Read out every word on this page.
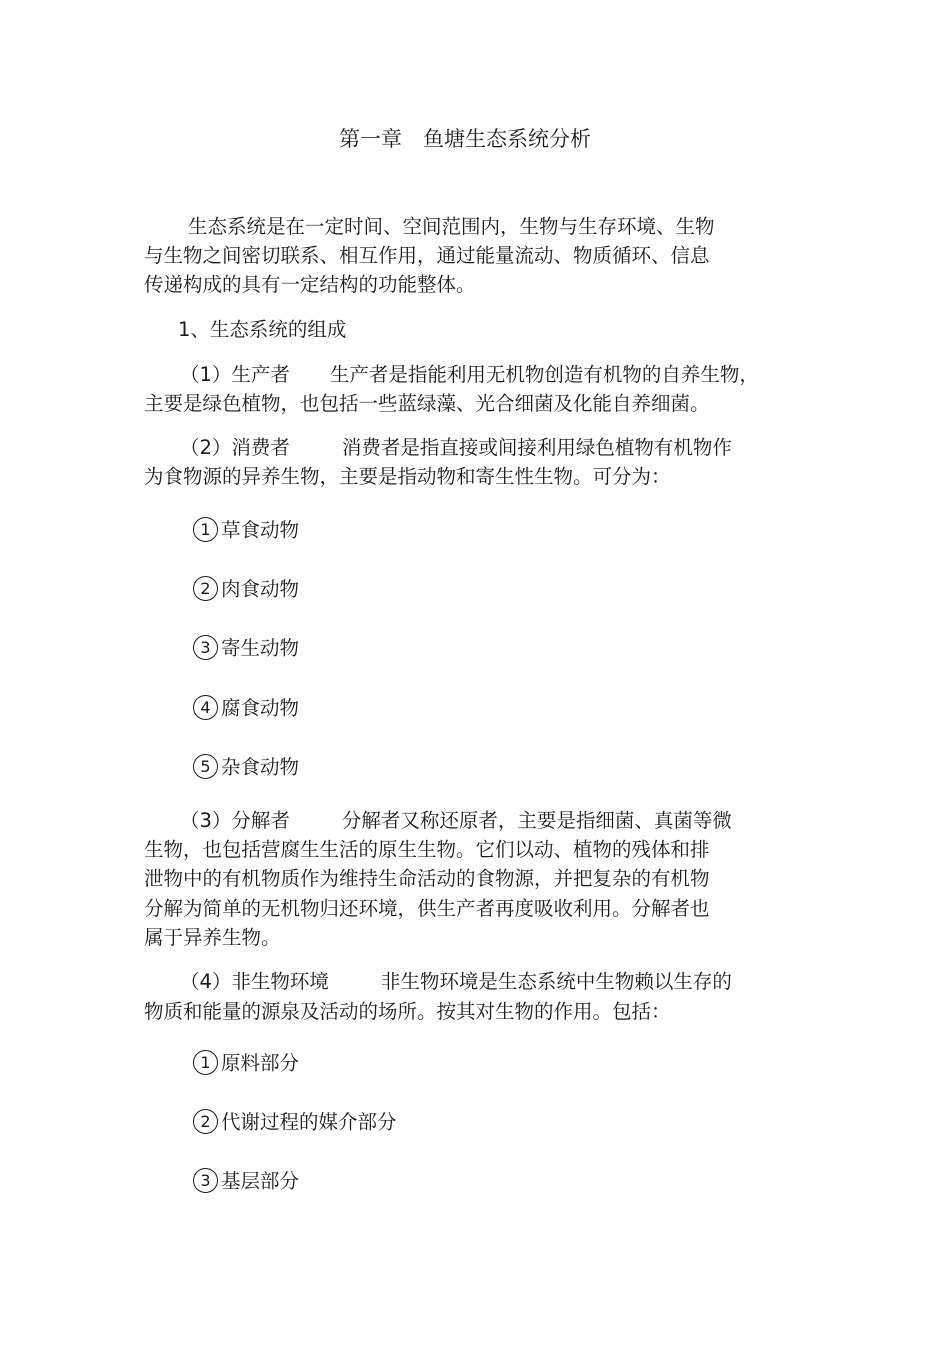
第一章　鱼塘生态系统分析
生态系统是在一定时间、空间范围内，生物与生存环境、生物
与生物之间密切联系、相互作用，通过能量流动、物质循环、信息
传递构成的具有一定结构的功能整体。
1、生态系统的组成
（1）生产者 生产者是指能利用无机物创造有机物的自养生物，
主要是绿色植物，也包括一些蓝绿藻、光合细菌及化能自养细菌。
（2）消费者	消费者是指直接或间接利用绿色植物有机物作
为食物源的异养生物，主要是指动物和寄生性生物。可分为：
1 草食动物
2 肉食动物
3 寄生动物
4 腐食动物
5 杂食动物
（3）分解者	分解者又称还原者，主要是指细菌、真菌等微
生物，也包括营腐生生活的原生生物。它们以动、植物的残体和排
泄物中的有机物质作为维持生命活动的食物源，并把复杂的有机物
分解为简单的无机物归还环境，供生产者再度吸收利用。分解者也
属于异养生物。
（4）非生物环境	非生物环境是生态系统中生物赖以生存的
物质和能量的源泉及活动的场所。按其对生物的作用。包括：
1 原料部分
2 代谢过程的媒介部分
3 基层部分
